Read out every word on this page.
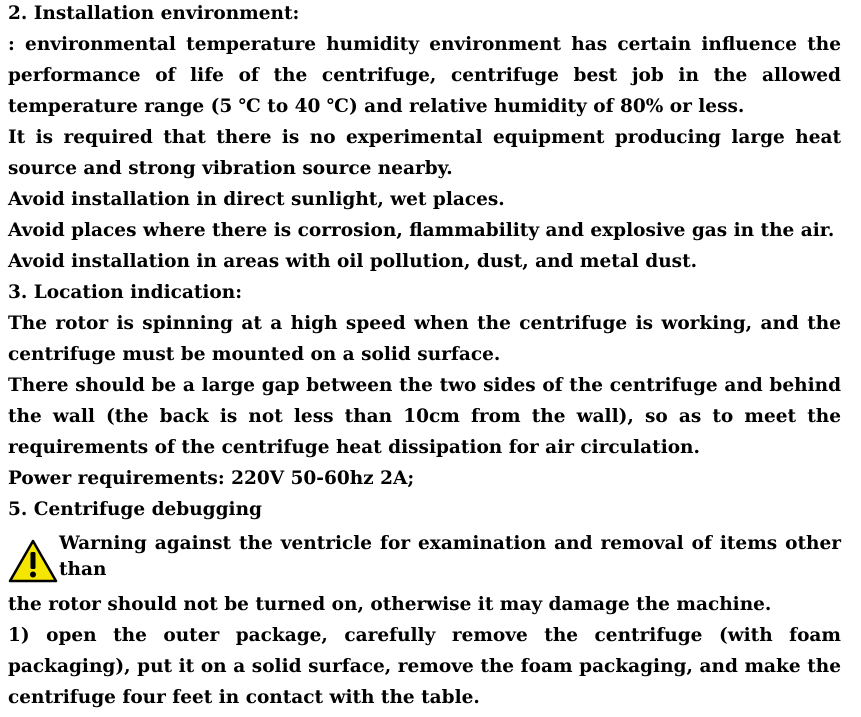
2. Installation environment:

: environmental temperature humidity environment has certain influence the performance of life of the centrifuge, centrifuge best job in the allowed temperature range (5 ℃ to 40 ℃) and relative humidity of 80% or less.

It is required that there is no experimental equipment producing large heat source and strong vibration source nearby.

Avoid installation in direct sunlight, wet places.

Avoid places where there is corrosion, flammability and explosive gas in the air.

Avoid installation in areas with oil pollution, dust, and metal dust.

3. Location indication:

The rotor is spinning at a high speed when the centrifuge is working, and the centrifuge must be mounted on a solid surface.

There should be a large gap between the two sides of the centrifuge and behind the wall (the back is not less than 10cm from the wall), so as to meet the requirements of the centrifuge heat dissipation for air circulation.

Power requirements: 220V 50-60hz 2A;

5. Centrifuge debugging

Warning against the ventricle for examination and removal of items other than

the rotor should not be turned on, otherwise it may damage the machine.

1) open the outer package, carefully remove the centrifuge (with foam packaging), put it on a solid surface, remove the foam packaging, and make the centrifuge four feet in contact with the table.
